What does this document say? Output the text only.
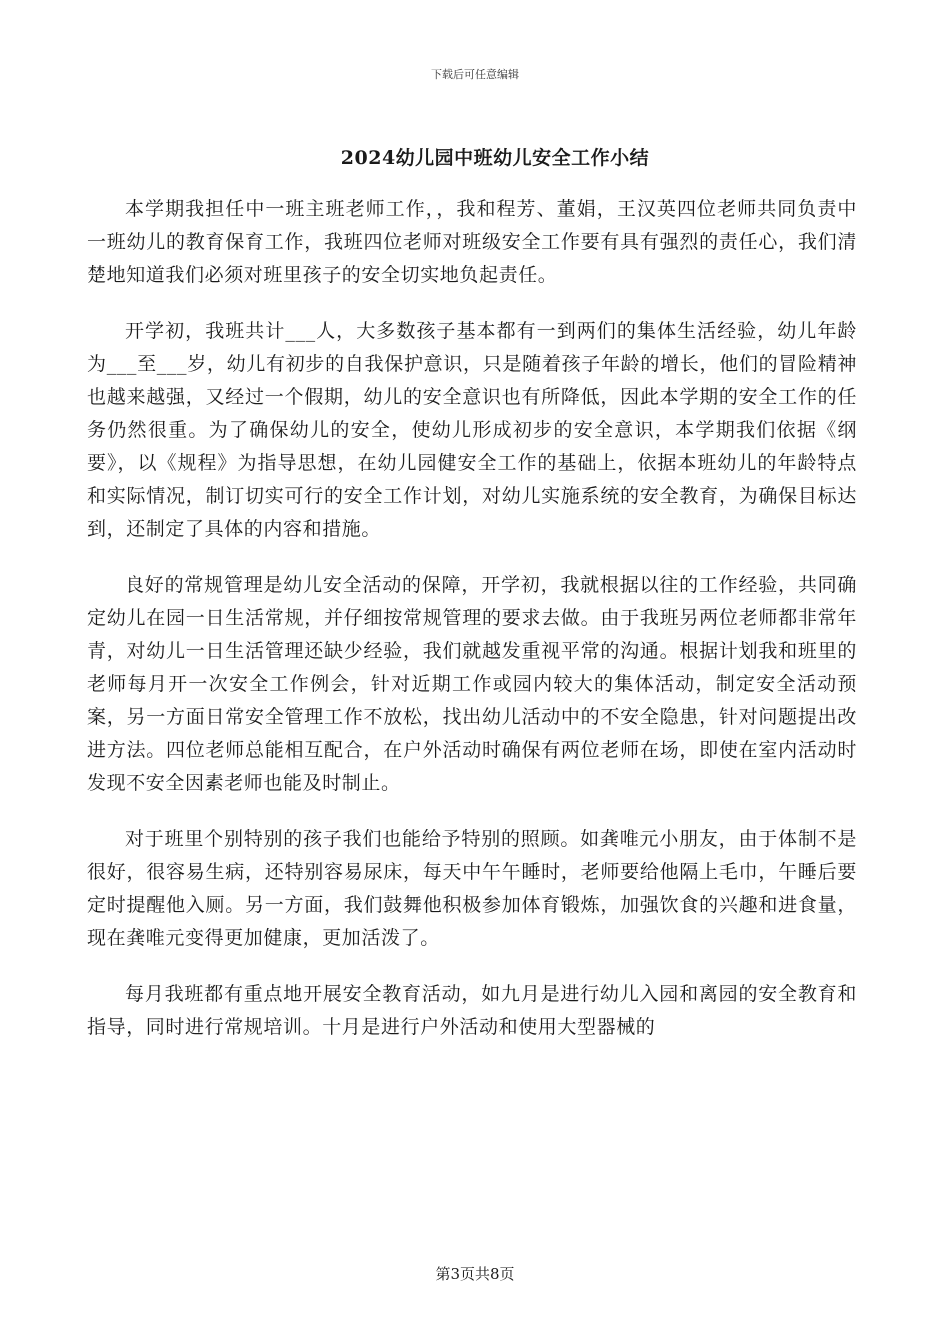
下载后可任意编辑
2024幼儿园中班幼儿安全工作小结

本学期我担任中一班主班老师工作，，我和程芳、董娟，王汉英四位老师共同负责中一班幼儿的教育保育工作，我班四位老师对班级安全工作要有具有强烈的责任心，我们清楚地知道我们必须对班里孩子的安全切实地负起责任。

开学初，我班共计___人，大多数孩子基本都有一到两们的集体生活经验，幼儿年龄为___至___岁，幼儿有初步的自我保护意识，只是随着孩子年龄的增长，他们的冒险精神也越来越强，又经过一个假期，幼儿的安全意识也有所降低，因此本学期的安全工作的任务仍然很重。为了确保幼儿的安全，使幼儿形成初步的安全意识，本学期我们依据《纲要》，以《规程》为指导思想，在幼儿园健安全工作的基础上，依据本班幼儿的年龄特点和实际情况，制订切实可行的安全工作计划，对幼儿实施系统的安全教育，为确保目标达到，还制定了具体的内容和措施。

良好的常规管理是幼儿安全活动的保障，开学初，我就根据以往的工作经验，共同确定幼儿在园一日生活常规，并仔细按常规管理的要求去做。由于我班另两位老师都非常年青，对幼儿一日生活管理还缺少经验，我们就越发重视平常的沟通。根据计划我和班里的老师每月开一次安全工作例会，针对近期工作或园内较大的集体活动，制定安全活动预案，另一方面日常安全管理工作不放松，找出幼儿活动中的不安全隐患，针对问题提出改进方法。四位老师总能相互配合，在户外活动时确保有两位老师在场，即使在室内活动时发现不安全因素老师也能及时制止。

对于班里个别特别的孩子我们也能给予特别的照顾。如龚唯元小朋友，由于体制不是很好，很容易生病，还特别容易尿床，每天中午午睡时，老师要给他隔上毛巾，午睡后要定时提醒他入厕。另一方面，我们鼓舞他积极参加体育锻炼，加强饮食的兴趣和进食量，现在龚唯元变得更加健康，更加活泼了。

每月我班都有重点地开展安全教育活动，如九月是进行幼儿入园和离园的安全教育和指导，同时进行常规培训。十月是进行户外活动和使用大型器械的

第3页共8页
